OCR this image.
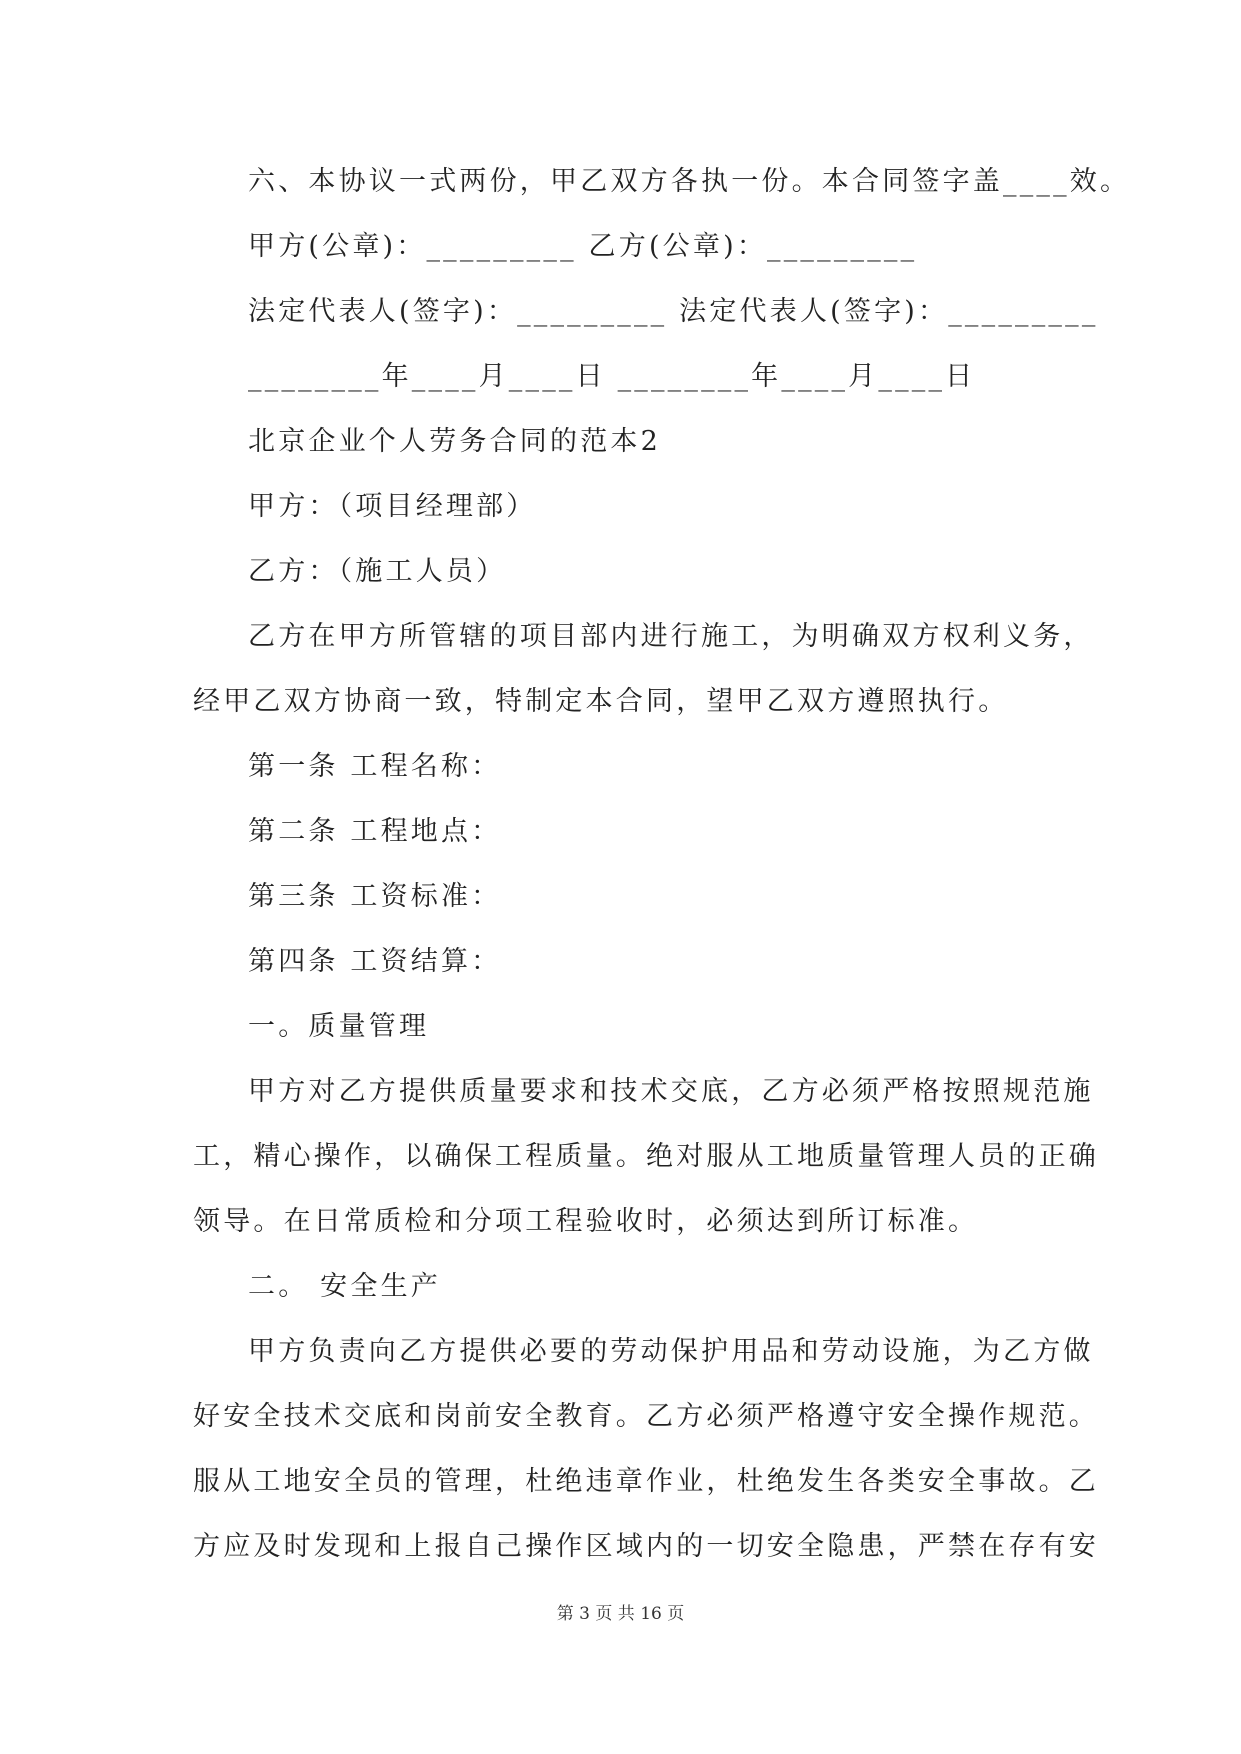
六、本协议一式两份，甲乙双方各执一份。本合同签字盖____效。
甲方(公章)：_________ 乙方(公章)：_________
法定代表人(签字)：_________ 法定代表人(签字)：_________
________年____月____日 ________年____月____日
北京企业个人劳务合同的范本2
甲方：（项目经理部）
乙方：（施工人员）
乙方在甲方所管辖的项目部内进行施工，为明确双方权利义务，
经甲乙双方协商一致，特制定本合同，望甲乙双方遵照执行。
第一条 工程名称：
第二条 工程地点：
第三条 工资标准：
第四条 工资结算：
一。质量管理
甲方对乙方提供质量要求和技术交底，乙方必须严格按照规范施
工，精心操作，以确保工程质量。绝对服从工地质量管理人员的正确
领导。在日常质检和分项工程验收时，必须达到所订标准。
二。 安全生产
甲方负责向乙方提供必要的劳动保护用品和劳动设施，为乙方做
好安全技术交底和岗前安全教育。乙方必须严格遵守安全操作规范。
服从工地安全员的管理，杜绝违章作业，杜绝发生各类安全事故。乙
方应及时发现和上报自己操作区域内的一切安全隐患，严禁在存有安
第 3 页 共 16 页
